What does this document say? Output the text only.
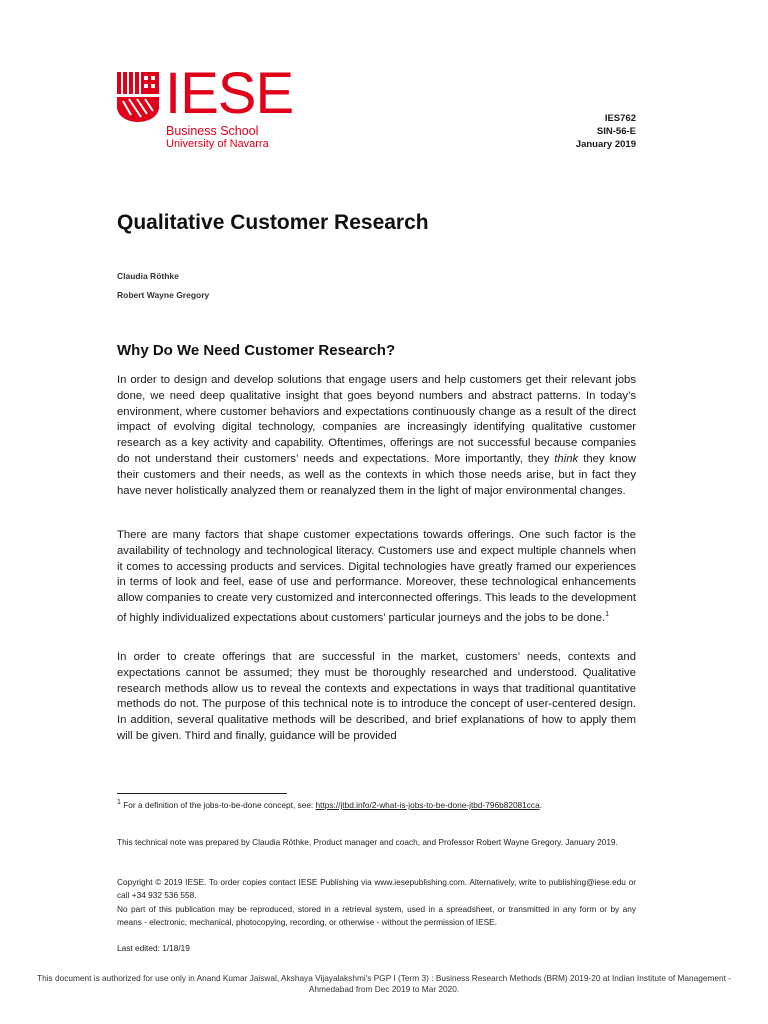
IESE
Business School
University of Navarra
IES762
SIN-56-E
January 2019
Qualitative Customer Research
Claudia Röthke
Robert Wayne Gregory
Why Do We Need Customer Research?
In order to design and develop solutions that engage users and help customers get their relevant jobs done, we need deep qualitative insight that goes beyond numbers and abstract patterns. In today’s environment, where customer behaviors and expectations continuously change as a result of the direct impact of evolving digital technology, companies are increasingly identifying qualitative customer research as a key activity and capability. Oftentimes, offerings are not successful because companies do not understand their customers’ needs and expectations. More importantly, they think they know their customers and their needs, as well as the contexts in which those needs arise, but in fact they have never holistically analyzed them or reanalyzed them in the light of major environmental changes.
There are many factors that shape customer expectations towards offerings. One such factor is the availability of technology and technological literacy. Customers use and expect multiple channels when it comes to accessing products and services. Digital technologies have greatly framed our experiences in terms of look and feel, ease of use and performance. Moreover, these technological enhancements allow companies to create very customized and interconnected offerings. This leads to the development of highly individualized expectations about customers’ particular journeys and the jobs to be done.$^1$
In order to create offerings that are successful in the market, customers’ needs, contexts and expectations cannot be assumed; they must be thoroughly researched and understood. Qualitative research methods allow us to reveal the contexts and expectations in ways that traditional quantitative methods do not. The purpose of this technical note is to introduce the concept of user-centered design. In addition, several qualitative methods will be described, and brief explanations of how to apply them will be given. Third and finally, guidance will be provided
$^1$ For a definition of the jobs-to-be-done concept, see: https://jtbd.info/2-what-is-jobs-to-be-done-jtbd-796b82081cca.
This technical note was prepared by Claudia Röthke, Product manager and coach, and Professor Robert Wayne Gregory. January 2019.
Copyright © 2019 IESE. To order copies contact IESE Publishing via www.iesepublishing.com. Alternatively, write to publishing@iese.edu or call +34 932 536 558.
No part of this publication may be reproduced, stored in a retrieval system, used in a spreadsheet, or transmitted in any form or by any means - electronic, mechanical, photocopying, recording, or otherwise - without the permission of IESE.
Last edited: 1/18/19
This document is authorized for use only in Anand Kumar Jaiswal, Akshaya Vijayalakshmi's PGP I (Term 3) : Business Research Methods (BRM) 2019-20 at Indian Institute of Management -
Ahmedabad from Dec 2019 to Mar 2020.
